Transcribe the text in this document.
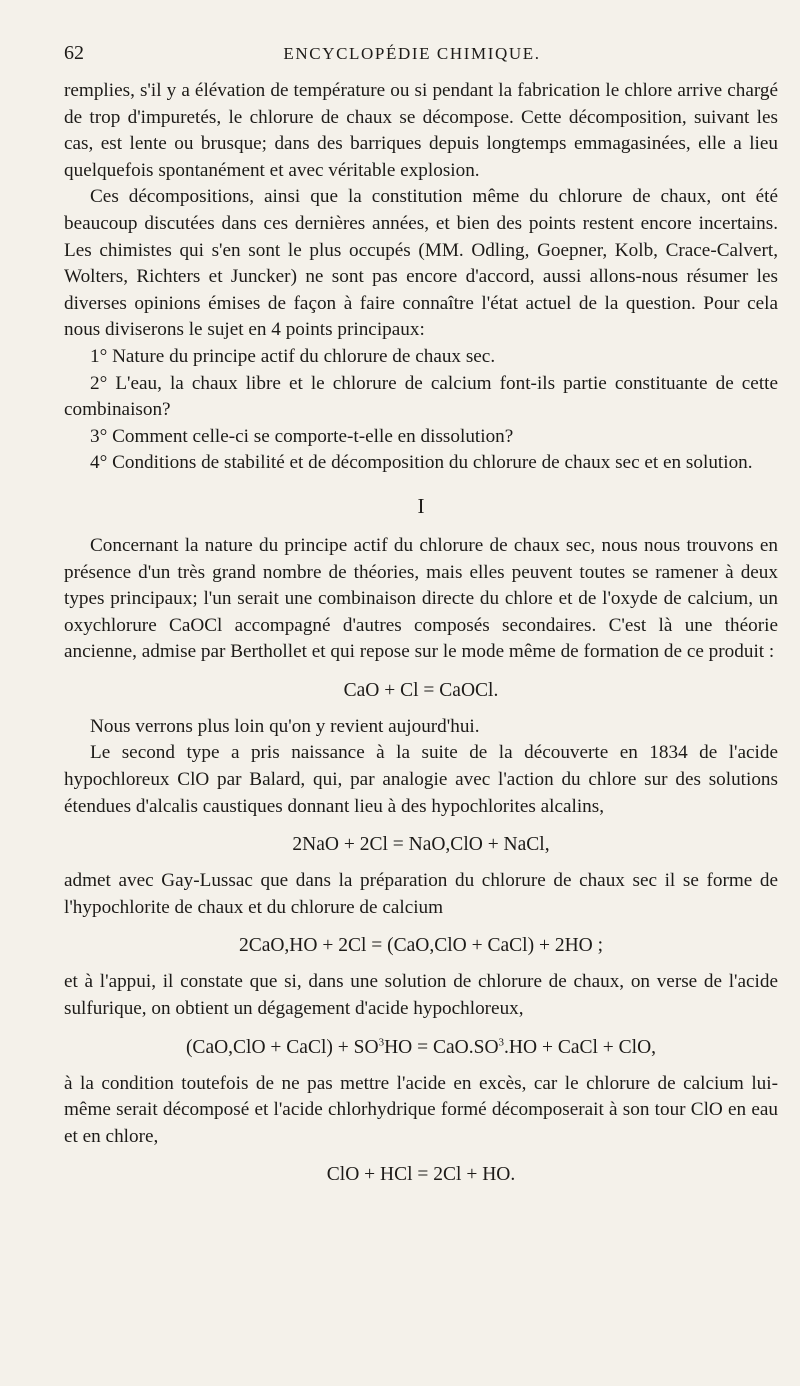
62	ENCYCLOPÉDIE CHIMIQUE.

remplies, s'il y a élévation de température ou si pendant la fabrication le chlore arrive chargé de trop d'impuretés, le chlorure de chaux se décompose. Cette décomposition, suivant les cas, est lente ou brusque; dans des barriques depuis longtemps emmagasinées, elle a lieu quelquefois spontanément et avec véritable explosion.

Ces décompositions, ainsi que la constitution même du chlorure de chaux, ont été beaucoup discutées dans ces dernières années, et bien des points restent encore incertains. Les chimistes qui s'en sont le plus occupés (MM. Odling, Goepner, Kolb, Crace-Calvert, Wolters, Richters et Juncker) ne sont pas encore d'accord, aussi allons-nous résumer les diverses opinions émises de façon à faire connaître l'état actuel de la question. Pour cela nous diviserons le sujet en 4 points principaux:

1° Nature du principe actif du chlorure de chaux sec.

2° L'eau, la chaux libre et le chlorure de calcium font-ils partie constituante de cette combinaison?

3° Comment celle-ci se comporte-t-elle en dissolution?

4° Conditions de stabilité et de décomposition du chlorure de chaux sec et en solution.

I

Concernant la nature du principe actif du chlorure de chaux sec, nous nous trouvons en présence d'un très grand nombre de théories, mais elles peuvent toutes se ramener à deux types principaux; l'un serait une combinaison directe du chlore et de l'oxyde de calcium, un oxychlorure CaOCl accompagné d'autres composés secondaires. C'est là une théorie ancienne, admise par Berthollet et qui repose sur le mode même de formation de ce produit :

CaO + Cl = CaOCl.

Nous verrons plus loin qu'on y revient aujourd'hui.

Le second type a pris naissance à la suite de la découverte en 1834 de l'acide hypochloreux ClO par Balard, qui, par analogie avec l'action du chlore sur des solutions étendues d'alcalis caustiques donnant lieu à des hypochlorites alcalins,

2NaO + 2Cl = NaO,ClO + NaCl,

admet avec Gay-Lussac que dans la préparation du chlorure de chaux sec il se forme de l'hypochlorite de chaux et du chlorure de calcium

2CaO,HO + 2Cl = (CaO,ClO + CaCl) + 2HO ;

et à l'appui, il constate que si, dans une solution de chlorure de chaux, on verse de l'acide sulfurique, on obtient un dégagement d'acide hypochloreux,

(CaO,ClO + CaCl) + $SO^3HO = CaO.SO^3.HO$ + CaCl + ClO,

à la condition toutefois de ne pas mettre l'acide en excès, car le chlorure de calcium lui-même serait décomposé et l'acide chlorhydrique formé décomposerait à son tour ClO en eau et en chlore,

ClO + HCl = 2Cl + HO.
